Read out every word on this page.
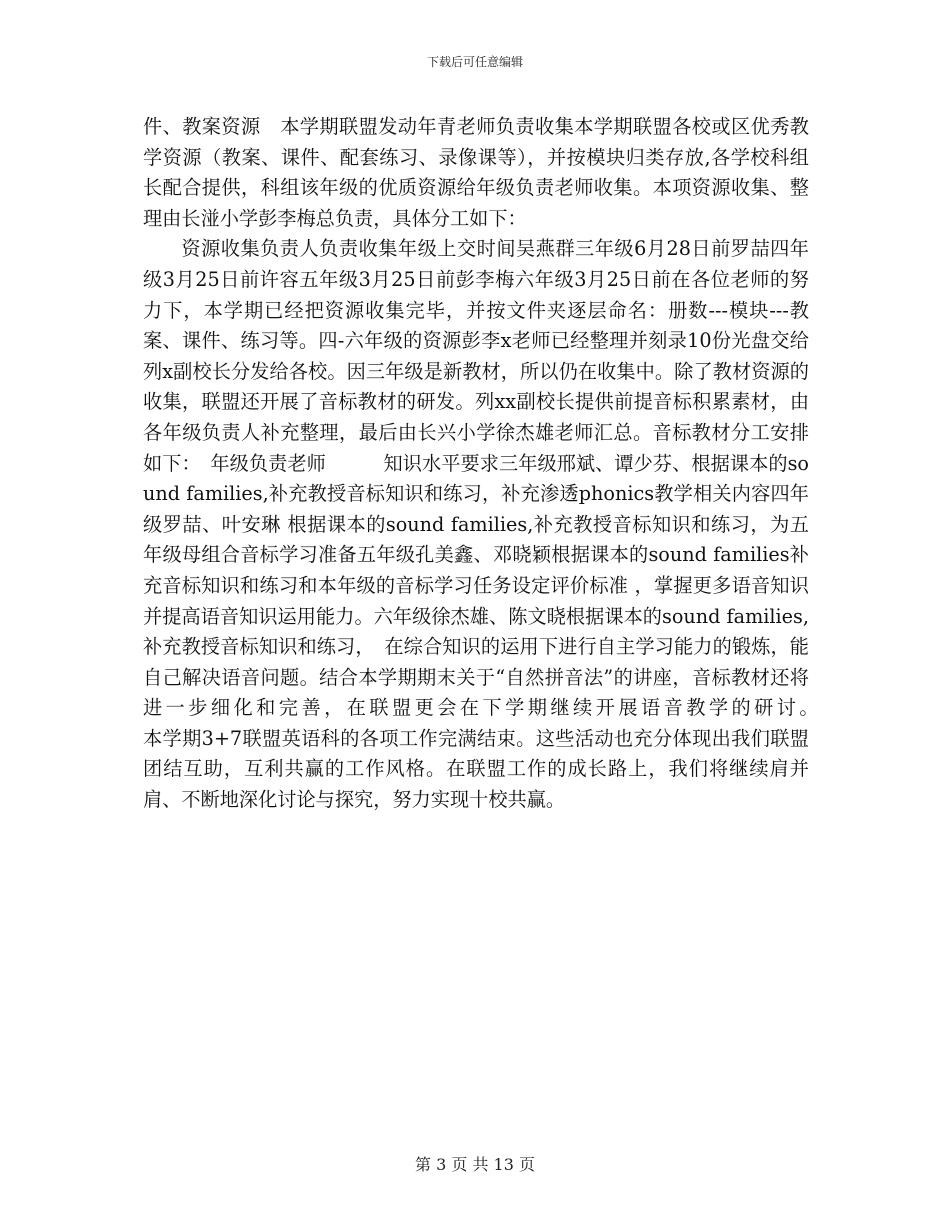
下载后可任意编辑

件、教案资源　本学期联盟发动年青老师负责收集本学期联盟各校或区优秀教学资源（教案、课件、配套练习、录像课等），并按模块归类存放,各学校科组长配合提供，科组该年级的优质资源给年级负责老师收集。本项资源收集、整理由长湴小学彭李梅总负责，具体分工如下：

资源收集负责人负责收集年级上交时间吴燕群三年级6月28日前罗喆四年级3月25日前许容五年级3月25日前彭李梅六年级3月25日前在各位老师的努力下，本学期已经把资源收集完毕，并按文件夹逐层命名：册数---模块---教案、课件、练习等。四-六年级的资源彭李x老师已经整理并刻录10份光盘交给列x副校长分发给各校。因三年级是新教材，所以仍在收集中。除了教材资源的收集，联盟还开展了音标教材的研发。列xx副校长提供前提音标积累素材，由各年级负责人补充整理，最后由长兴小学徐杰雄老师汇总。音标教材分工安排如下：　年级负责老师　　　知识水平要求三年级邢斌、谭少芬、根据课本的sound families,补充教授音标知识和练习，补充渗透phonics教学相关内容四年级罗喆、叶安琳 根据课本的sound families,补充教授音标知识和练习，为五年级母组合音标学习准备五年级孔美鑫、邓晓颖根据课本的sound families补充音标知识和练习和本年级的音标学习任务设定评价标准 ，掌握更多语音知识并提高语音知识运用能力。六年级徐杰雄、陈文晓根据课本的sound families,补充教授音标知识和练习，　在综合知识的运用下进行自主学习能力的锻炼，能自己解决语音问题。结合本学期期末关于“自然拼音法”的讲座，音标教材还将进一步细化和完善，在联盟更会在下学期继续开展语音教学的研讨。　　　　　　本学期3+7联盟英语科的各项工作完满结束。这些活动也充分体现出我们联盟团结互助，互利共赢的工作风格。在联盟工作的成长路上，我们将继续肩并肩、不断地深化讨论与探究，努力实现十校共赢。

第 3 页 共 13 页
